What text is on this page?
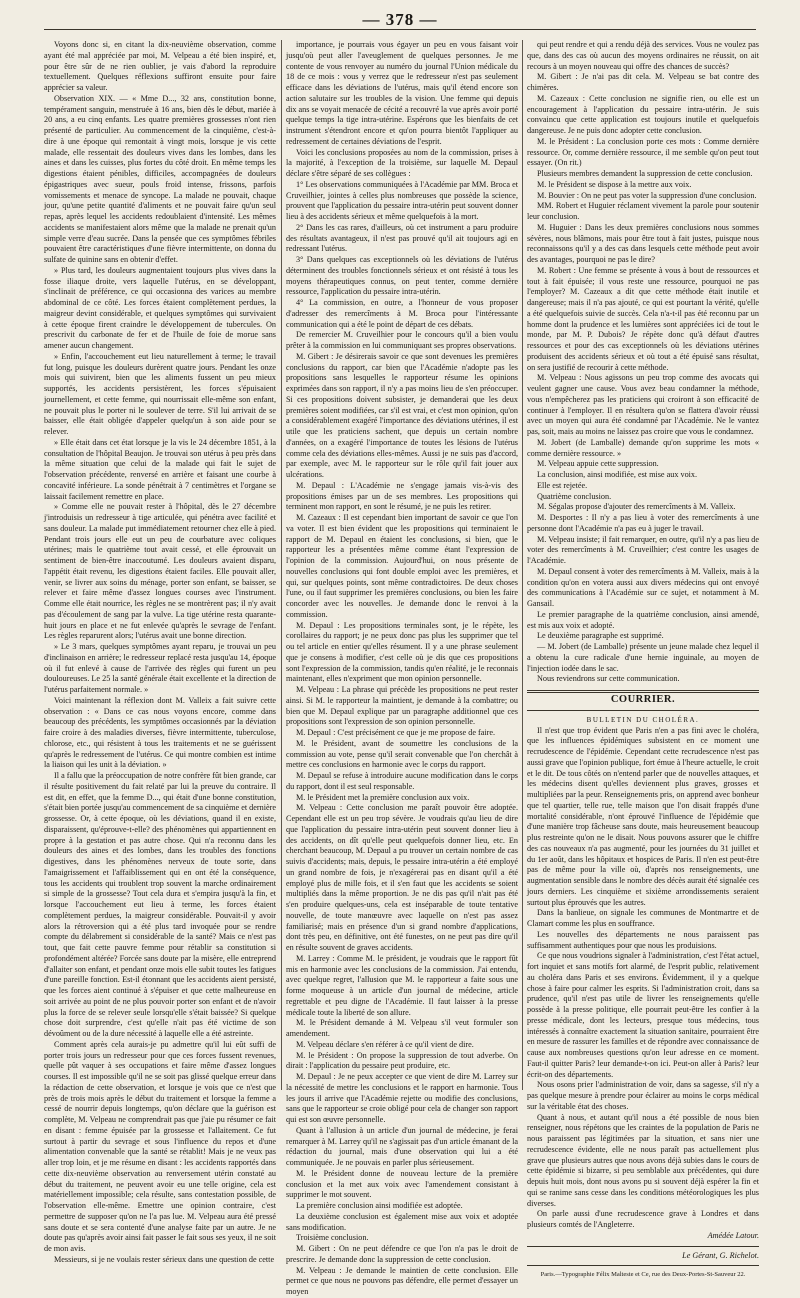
— 378 —

Voyons donc si, en citant la dix-neuvième observation, comme ayant été mal appréciée par moi, M. Velpeau a été bien inspiré, et, pour être sûr de ne rien oublier, je vais d'abord la reproduire textuellement. Quelques réflexions suffiront ensuite pour faire apprécier sa valeur.

Observation XIX. — « Mme D..., 32 ans, constitution bonne, tempérament sanguin, menstruée à 16 ans, bien dès le début, mariée à 20 ans, a eu cinq enfants. Les quatre premières grossesses n'ont rien présenté de particulier. Au commencement de la cinquième, c'est-à-dire à une époque qui remontait à vingt mois, lorsque je vis cette malade, elle ressentait des douleurs vives dans les lombes, dans les aines et dans les cuisses, plus fortes du côté droit. En même temps les digestions étaient pénibles, difficiles, accompagnées de douleurs épigastriques avec sueur, pouls froid intense, frissons, parfois vomissements et menace de syncope. La malade ne pouvait, chaque jour, qu'une petite quantité d'aliments et ne pouvait faire qu'un seul repas, après lequel les accidents redoublaient d'intensité. Les mêmes accidents se manifestaient alors même que la malade ne prenait qu'un simple verre d'eau sucrée. Dans la pensée que ces symptômes fébriles pouvaient être caractéristiques d'une fièvre intermittente, on donna du sulfate de quinine sans en obtenir d'effet.

» Plus tard, les douleurs augmentaient toujours plus vives dans la fosse iliaque droite, vers laquelle l'utérus, en se développant, s'inclinait de préférence, ce qui occasionna des varices au membre abdominal de ce côté. Les forces étaient complètement perdues, la maigreur devint considérable, et quelques symptômes qui survivaient à cette époque firent craindre le développement de tubercules. On prescrivit du carbonate de fer et de l'huile de foie de morue sans amener aucun changement.

» Enfin, l'accouchement eut lieu naturellement à terme; le travail fut long, puisque les douleurs durèrent quatre jours. Pendant les onze mois qui suivirent, bien que les aliments fussent un peu mieux supportés, les accidents persistèrent, les forces s'épuisaient journellement, et cette femme, qui nourrissait elle-même son enfant, ne pouvait plus le porter ni le soulever de terre. S'il lui arrivait de se baisser, elle était obligée d'appeler quelqu'un à son aide pour se relever.

» Elle était dans cet état lorsque je la vis le 24 décembre 1851, à la consultation de l'hôpital Beaujon. Je trouvai son utérus à peu près dans la même situation que celui de la malade qui fait le sujet de l'observation précédente, renversé en arrière et faisant une courbe à concavité inférieure. La sonde pénétrait à 7 centimètres et l'organe se laissait facilement remettre en place.

» Comme elle ne pouvait rester à l'hôpital, dès le 27 décembre j'introduisis un redresseur à tige articulée, qui pénétra avec facilité et sans douleur. La malade put immédiatement retourner chez elle à pied. Pendant trois jours elle eut un peu de courbature avec coliques utérines; mais le quatrième tout avait cessé, et elle éprouvait un sentiment de bien-être inaccoutumé. Les douleurs avaient disparu, l'appétit était revenu, les digestions étaient faciles. Elle pouvait aller, venir, se livrer aux soins du ménage, porter son enfant, se baisser, se relever et faire même d'assez longues courses avec l'instrument. Comme elle était nourrice, les règles ne se montrèrent pas; il n'y avait pas d'écoulement de sang par la vulve. La tige utérine resta quarante-huit jours en place et ne fut enlevée qu'après le sevrage de l'enfant. Les règles reparurent alors; l'utérus avait une bonne direction.

» Le 3 mars, quelques symptômes ayant reparu, je trouvai un peu d'inclinaison en arrière; le redresseur replacé resta jusqu'au 14, époque où il fut enlevé à cause de l'arrivée des règles qui furent un peu douloureuses. Le 25 la santé générale était excellente et la direction de l'utérus parfaitement normale. »

Voici maintenant la réflexion dont M. Valleix a fait suivre cette observation : « Dans ce cas nous voyons encore, comme dans beaucoup des précédents, les symptômes occasionnés par la déviation faire croire à des maladies diverses, fièvre intermittente, tuberculose, chlorose, etc., qui résistent à tous les traitements et ne se guérissent qu'après le redressement de l'utérus. Ce qui montre combien est intime la liaison qui les unit à la déviation. »

Il a fallu que la préoccupation de notre confrère fût bien grande, car il résulte positivement du fait relaté par lui la preuve du contraire. Il est dit, en effet, que la femme D..., qui était d'une bonne constitution, s'était bien portée jusqu'au commencement de sa cinquième et dernière grossesse. Or, à cette époque, où les déviations, quand il en existe, disparaissent, qu'éprouve-t-elle? des phénomènes qui appartiennent en propre à la gestation et pas autre chose. Qui n'a reconnu dans les douleurs des aines et des lombes, dans les troubles des fonctions digestives, dans les phénomènes nerveux de toute sorte, dans l'amaigrissement et l'affaiblissement qui en ont été la conséquence, tous les accidents qui troublent trop souvent la marche ordinairement si simple de la grossesse? Tout cela dura et s'empira jusqu'à la fin, et lorsque l'accouchement eut lieu à terme, les forces étaient complètement perdues, la maigreur considérable. Pouvait-il y avoir alors la rétroversion qui a été plus tard invoquée pour se rendre compte du délabrement si considérable de la santé? Mais ce n'est pas tout, que fait cette pauvre femme pour rétablir sa constitution si profondément altérée? Forcée sans doute par la misère, elle entreprend d'allaiter son enfant, et pendant onze mois elle subit toutes les fatigues d'une pareille fonction. Est-il étonnant que les accidents aient persisté, que les forces aient continué à s'épuiser et que cette malheureuse en soit arrivée au point de ne plus pouvoir porter son enfant et de n'avoir plus la force de se relever seule lorsqu'elle s'était baissée? Si quelque chose doit surprendre, c'est qu'elle n'ait pas été victime de son dévoûment ou de la dure nécessité à laquelle elle a été astreinte.

Comment après cela aurais-je pu admettre qu'il lui eût suffi de porter trois jours un redresseur pour que ces forces fussent revenues, quelle pût vaquer à ses occupations et faire même d'assez longues courses. Il est impossible qu'il ne se soit pas glissé quelque erreur dans la rédaction de cette observation, et lorsque je vois que ce n'est que près de trois mois après le début du traitement et lorsque la femme a cessé de nourrir depuis longtemps, qu'on déclare que la guérison est complète, M. Velpeau ne comprendrait pas que j'aie pu résumer ce fait en disant : femme épuisée par la grossesse et l'allaitement. Ce fut surtout à partir du sevrage et sous l'influence du repos et d'une alimentation convenable que la santé se rétablit! Mais je ne veux pas aller trop loin, et je me résume en disant : les accidents rapportés dans cette dix-neuvième observation au renversement utérin constaté au début du traitement, ne peuvent avoir eu une telle origine, cela est matériellement impossible; cela résulte, sans contestation possible, de l'observation elle-même. Emettre une opinion contraire, c'est permettre de supposer qu'on ne l'a pas lue. M. Velpeau aura été pressé sans doute et se sera contenté d'une analyse faite par un autre. Je ne doute pas qu'après avoir ainsi fait passer le fait sous ses yeux, il ne soit de mon avis.

Messieurs, si je ne voulais rester sérieux dans une question de cette

importance, je pourrais vous égayer un peu en vous faisant voir jusqu'où peut aller l'aveuglement de quelques personnes. Je me contente de vous renvoyer au numéro du journal l'Union médicale du 18 de ce mois : vous y verrez que le redresseur n'est pas seulement efficace dans les déviations de l'utérus, mais qu'il étend encore son action salutaire sur les troubles de la vision. Une femme qui depuis dix ans se voyait menacée de cécité a recouvré la vue après avoir porté quelque temps la tige intra-utérine. Espérons que les bienfaits de cet instrument s'étendront encore et qu'on pourra bientôt l'appliquer au redressement de certaines déviations de l'esprit.

Voici les conclusions proposées au nom de la commission, prises à la majorité, à l'exception de la troisième, sur laquelle M. Depaul déclare s'être séparé de ses collègues :

1° Les observations communiquées à l'Académie par MM. Broca et Cruveilhier, jointes à celles plus nombreuses que possède la science, prouvent que l'application du pessaire intra-utérin peut souvent donner lieu à des accidents sérieux et même quelquefois à la mort.

2° Dans les cas rares, d'ailleurs, où cet instrument a paru produire des résultats avantageux, il n'est pas prouvé qu'il ait toujours agi en redressant l'utérus.

3° Dans quelques cas exceptionnels où les déviations de l'utérus déterminent des troubles fonctionnels sérieux et ont résisté à tous les moyens thérapeutiques connus, on peut tenter, comme dernière ressource, l'application du pessaire intra-utérin.

4° La commission, en outre, a l'honneur de vous proposer d'adresser des remercîments à M. Broca pour l'intéressante communication qui a été le point de départ de ces débats.

De remercier M. Cruveilhier pour le concours qu'il a bien voulu prêter à la commission en lui communiquant ses propres observations.

M. Gibert : Je désirerais savoir ce que sont devenues les premières conclusions du rapport, car bien que l'Académie n'adopte pas les propositions sans lesquelles le rapporteur résume les opinions exprimées dans son rapport, il n'y a pas moins lieu de s'en préoccuper. Si ces propositions doivent subsister, je demanderai que les deux premières soient modifiées, car s'il est vrai, et c'est mon opinion, qu'on a considérablement exagéré l'importance des déviations utérines, il est utile que les praticiens sachent, que depuis un certain nombre d'années, on a exagéré l'importance de toutes les lésions de l'utérus comme cela des déviations elles-mêmes. Aussi je ne suis pas d'accord, par exemple, avec M. le rapporteur sur le rôle qu'il fait jouer aux ulcérations.

M. Depaul : L'Académie ne s'engage jamais vis-à-vis des propositions émises par un de ses membres. Les propositions qui terminent mon rapport, en sont le résumé, je ne puis les retirer.

M. Cazeaux : Il est cependant bien important de savoir ce que l'on va voter. Il est bien évident que les propositions qui terminaient le rapport de M. Depaul en étaient les conclusions, si bien, que le rapporteur les a présentées même comme étant l'expression de l'opinion de la commission. Aujourd'hui, on nous présente de nouvelles conclusions qui font double emploi avec les premières, et qui, sur quelques points, sont même contradictoires. De deux choses l'une, ou il faut supprimer les premières conclusions, ou bien les faire concorder avec les nouvelles. Je demande donc le renvoi à la commission.

M. Depaul : Les propositions terminales sont, je le répète, les corollaires du rapport; je ne peux donc pas plus les supprimer que tel ou tel article en entier qu'elles résument. Il y a une phrase seulement que je consens à modifier, c'est celle où je dis que ces propositions sont l'expression de la commission, tandis qu'en réalité, je le reconnais maintenant, elles n'expriment que mon opinion personnelle.

M. Velpeau : La phrase qui précède les propositions ne peut rester ainsi. Si M. le rapporteur la maintient, je demande à la combattre; ou bien que M. Depaul explique par un paragraphe additionnel que ces propositions sont l'expression de son opinion personnelle.

M. Depaul : C'est précisément ce que je me propose de faire.

M. le Président, avant de soumettre les conclusions de la commission au vote, pense qu'il serait convenable que l'on cherchât à mettre ces conclusions en harmonie avec le corps du rapport.

M. Depaul se refuse à introduire aucune modification dans le corps du rapport, dont il est seul responsable.

M. le Président met la première conclusion aux voix.

M. Velpeau : Cette conclusion me paraît pouvoir être adoptée. Cependant elle est un peu trop sévère. Je voudrais qu'au lieu de dire que l'application du pessaire intra-utérin peut souvent donner lieu à des accidents, on dît qu'elle peut quelquefois donner lieu, etc. En cherchant beaucoup, M. Depaul a pu trouver un certain nombre de cas suivis d'accidents; mais, depuis, le pessaire intra-utérin a été employé un grand nombre de fois, je n'exagérerai pas en disant qu'il a été employé plus de mille fois, et il s'en faut que les accidents se soient multipliés dans la même proportion. Je ne dis pas qu'il n'ait pas été s'en produire quelques-uns, cela est inséparable de toute tentative nouvelle, de toute manœuvre avec laquelle on n'est pas assez familiarisé; mais en présence d'un si grand nombre d'applications, dont très peu, en définitive, ont été funestes, on ne peut pas dire qu'il en résulte souvent de graves accidents.

M. Larrey : Comme M. le président, je voudrais que le rapport fût mis en harmonie avec les conclusions de la commission. J'ai entendu, avec quelque regret, l'allusion que M. le rapporteur a faite sous une forme moqueuse à un article d'un journal de médecine, article regrettable et peu digne de l'Académie. Il faut laisser à la presse médicale toute la liberté de son allure.

M. le Président demande à M. Velpeau s'il veut formuler son amendement.

M. Velpeau déclare s'en référer à ce qu'il vient de dire.

M. le Président : On propose la suppression de tout adverbe. On dirait : l'application du pessaire peut produire, etc.

M. Depaul : Je ne peux accepter ce que vient de dire M. Larrey sur la nécessité de mettre les conclusions et le rapport en harmonie. Tous les jours il arrive que l'Académie rejette ou modifie des conclusions, sans que le rapporteur se croie obligé pour cela de changer son rapport qui est son œuvre personnelle.

Quant à l'allusion à un article d'un journal de médecine, je ferai remarquer à M. Larrey qu'il ne s'agissait pas d'un article émanant de la rédaction du journal, mais d'une observation qui lui a été communiquée. Je ne pouvais en parler plus sérieusement.

M. le Président donne de nouveau lecture de la première conclusion et la met aux voix avec l'amendement consistant à supprimer le mot souvent.

La première conclusion ainsi modifiée est adoptée.

La deuxième conclusion est également mise aux voix et adoptée sans modification.

Troisième conclusion.

M. Gibert : On ne peut défendre ce que l'on n'a pas le droit de prescrire. Je demande donc la suppression de cette conclusion.

M. Velpeau : Je demande le maintien de cette conclusion. Elle permet ce que nous ne pouvons pas défendre, elle permet d'essayer un moyen

qui peut rendre et qui a rendu déjà des services. Vous ne voulez pas que, dans des cas où aucun des moyens ordinaires ne réussit, on ait recours à un moyen nouveau qui offre des chances de succès?

M. Gibert : Je n'ai pas dit cela. M. Velpeau se bat contre des chimères.

M. Cazeaux : Cette conclusion ne signifie rien, ou elle est un encouragement à l'application du pessaire intra-utérin. Je suis convaincu que cette application est toujours inutile et quelquefois dangereuse. Je ne puis donc adopter cette conclusion.

M. le Président : La conclusion porte ces mots : Comme dernière ressource. Or, comme dernière ressource, il me semble qu'on peut tout essayer. (On rit.)

Plusieurs membres demandent la suppression de cette conclusion.

M. le Président se dispose à la mettre aux voix.

M. Bouvier : On ne peut pas voter la suppression d'une conclusion.

MM. Robert et Huguier réclament vivement la parole pour soutenir leur conclusion.

M. Huguier : Dans les deux premières conclusions nous sommes sévères, nous blâmons, mais pour être tout à fait justes, puisque nous reconnaissons qu'il y a des cas dans lesquels cette méthode peut avoir des avantages, pourquoi ne pas le dire?

M. Robert : Une femme se présente à vous à bout de ressources et tout à fait épuisée; il vous reste une ressource, pourquoi ne pas l'employer? M. Cazeaux a dit que cette méthode était inutile et dangereuse; mais il n'a pas ajouté, ce qui est pourtant la vérité, qu'elle a été quelquefois suivie de succès. Cela n'a-t-il pas été reconnu par un homme dont la prudence et les lumières sont appréciées ici de tout le monde, par M. P. Dubois? Je répète donc qu'à défaut d'autres ressources et pour des cas exceptionnels où les déviations utérines produisent des accidents sérieux et où tout a été épuisé sans résultat, on sera justifié de recourir à cette méthode.

M. Velpeau : Nous agissons un peu trop comme des avocats qui veulent gagner une cause. Vous avez beau condamner la méthode, vous n'empêcherez pas les praticiens qui croiront à son efficacité de continuer à l'employer. Il en résultera qu'on se flattera d'avoir réussi avec un moyen qui aura été condamné par l'Académie. Ne le vantez pas, soit, mais au moins ne laissez pas croire que vous le condamnez.

M. Jobert (de Lamballe) demande qu'on supprime les mots « comme dernière ressource. »

M. Velpeau appuie cette suppression.

La conclusion, ainsi modifiée, est mise aux voix.

Elle est rejetée.

Quatrième conclusion.

M. Ségalas propose d'ajouter des remercîments à M. Valleix.

M. Desportes : Il n'y a pas lieu à voter des remercîments à une personne dont l'Académie n'a pas eu à juger le travail.

M. Velpeau insiste; il fait remarquer, en outre, qu'il n'y a pas lieu de voter des remercîments à M. Cruveilhier; c'est contre les usages de l'Académie.

M. Depaul consent à voter des remercîments à M. Valleix, mais à la condition qu'on en votera aussi aux divers médecins qui ont envoyé des communications à l'Académie sur ce sujet, et notamment à M. Gansail.

Le premier paragraphe de la quatrième conclusion, ainsi amendé, est mis aux voix et adopté.

Le deuxième paragraphe est supprimé.

— M. Jobert (de Lamballe) présente un jeune malade chez lequel il a obtenu la cure radicale d'une hernie inguinale, au moyen de l'injection iodée dans le sac.

Nous reviendrons sur cette communication.

COURRIER.

BULLETIN DU CHOLÉRA.

Il n'est que trop évident que Paris n'en a pas fini avec le choléra, que les influences épidémiques subsistent en ce moment une recrudescence de l'épidémie. Cependant cette recrudescence n'est pas aussi grave que l'opinion publique, fort émue à l'heure actuelle, le croit et le dit. De tous côtés on n'entend parler que de nouvelles attaques, et les médecins disent qu'elles deviennent plus graves, grosses et multipliées par la peur. Renseignements pris, on apprend avec bonheur que tel quartier, telle rue, telle maison que l'on disait frappés d'une mortalité considérable, n'ont éprouvé l'influence de l'épidémie que d'une manière trop fâcheuse sans doute, mais heureusement beaucoup plus restreinte qu'on ne le disait. Nous pouvons assurer que le chiffre des cas nouveaux n'a pas augmenté, pour les journées du 31 juillet et du 1er août, dans les hôpitaux et hospices de Paris. Il n'en est peut-être pas de même pour la ville où, d'après nos renseignements, une augmentation sensible dans le nombre des décès aurait été signalée ces jours derniers. Les cinquième et sixième arrondissements seraient surtout plus éprouvés que les autres.

Dans la banlieue, on signale les communes de Montmartre et de Clamart comme les plus en souffrance.

Les nouvelles des départements ne nous paraissent pas suffisamment authentiques pour que nous les produisions.

Ce que nous voudrions signaler à l'administration, c'est l'état actuel, fort inquiet et sans motifs fort alarmé, de l'esprit public, relativement au choléra dans Paris et ses environs. Évidemment, il y a quelque chose à faire pour calmer les esprits. Si l'administration croit, dans sa prudence, qu'il n'est pas utile de livrer les renseignements qu'elle possède à la presse politique, elle pourrait peut-être les confier à la presse médicale, dont les lecteurs, presque tous médecins, tous intéressés à connaître exactement la situation sanitaire, pourraient être en mesure de rassurer les familles et de répondre avec connaissance de cause aux nombreuses questions qu'on leur adresse en ce moment. Faut-il quitter Paris? leur demande-t-on ici. Peut-on aller à Paris? leur écrit-on des départements.

Nous osons prier l'administration de voir, dans sa sagesse, s'il n'y a pas quelque mesure à prendre pour éclairer au moins le corps médical sur la véritable état des choses.

Quant à nous, et autant qu'il nous a été possible de nous bien renseigner, nous répétons que les craintes de la population de Paris ne nous paraissent pas légitimées par la situation, et sans nier une recrudescence évidente, elle ne nous paraît pas actuellement plus grave que plusieurs autres que nous avons déjà subies dans le cours de cette épidémie si bizarre, si peu semblable aux précédentes, qui dure depuis huit mois, dont nous avons pu si souvent déjà espérer la fin et qui se ranime sans cesse dans les conditions météorologiques les plus diverses.

On parle aussi d'une recrudescence grave à Londres et dans plusieurs comtés de l'Angleterre.

Amédée Latour.

Le Gérant, G. Richelot.

Paris.—Typographie Félix Malteste et Ce, rue des Deux-Portes-St-Sauveur 22.
